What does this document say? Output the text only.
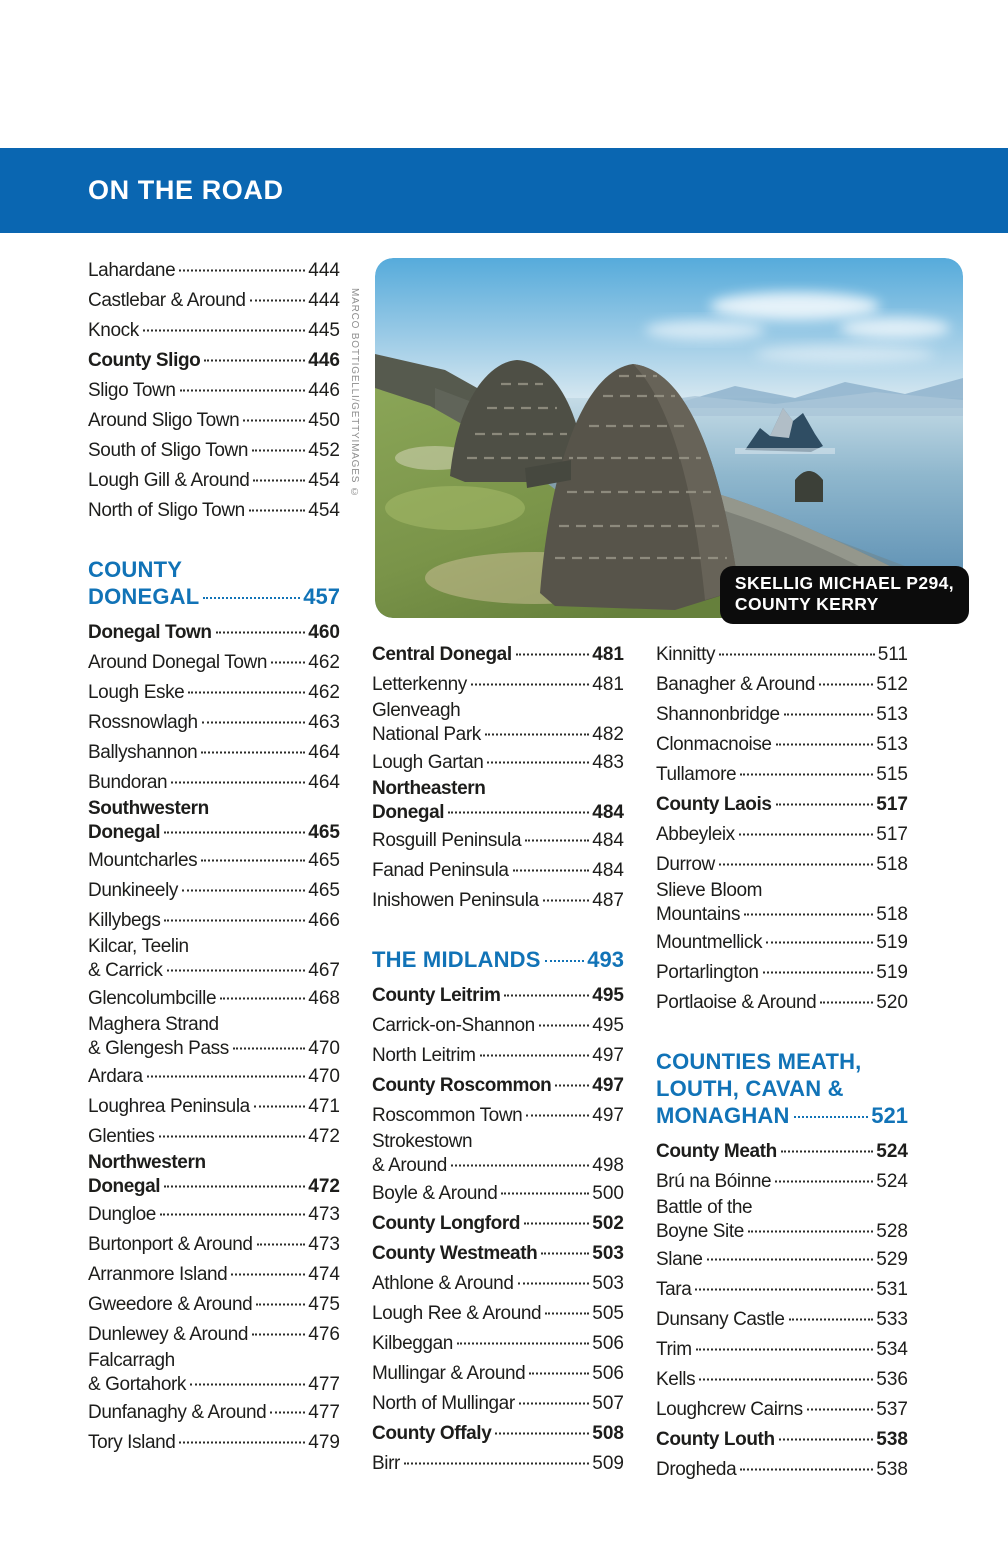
ON THE ROAD
MARCO BOTTIGELLI/GETTYIMAGES ©
SKELLIG MICHAEL P294,
COUNTY KERRY
Lahardane	444
Castlebar & Around	444
Knock	445
County Sligo	446
Sligo Town	446
Around Sligo Town	450
South of Sligo Town	452
Lough Gill & Around	454
North of Sligo Town	454
COUNTY
DONEGAL	457
Donegal Town	460
Around Donegal Town 462
Lough Eske	462
Rossnowlagh	463
Ballyshannon	464
Bundoran	464
Southwestern
Donegal	465
Mountcharles	465
Dunkineely	465
Killybegs	466
Kilcar, Teelin
& Carrick	467
Glencolumbcille	468
Maghera Strand
& Glengesh Pass	470
Ardara	470
Loughrea Peninsula	471
Glenties	472
Northwestern
Donegal	472
Dungloe	473
Burtonport & Around	473
Arranmore Island	474
Gweedore & Around	475
Dunlewey & Around	476
Falcarragh
& Gortahork	477
Dunfanaghy & Around 477
Tory Island	479
Central Donegal	481
Letterkenny	481
Glenveagh
National Park	482
Lough Gartan	483
Northeastern
Donegal	484
Rosguill Peninsula	484
Fanad Peninsula	484
Inishowen Peninsula	487
THE MIDLANDS 493
County Leitrim	495
Carrick-on-Shannon	495
North Leitrim	497
County Roscommon 497
Roscommon Town	497
Strokestown
& Around	498
Boyle & Around	500
County Longford	502
County Westmeath	503
Athlone & Around	503
Lough Ree & Around	505
Kilbeggan	506
Mullingar & Around	506
North of Mullingar	507
County Offaly	508
Birr	509
Kinnitty	511
Banagher & Around	512
Shannonbridge	513
Clonmacnoise	513
Tullamore	515
County Laois	517
Abbeyleix	517
Durrow	518
Slieve Bloom
Mountains	518
Mountmellick	519
Portarlington	519
Portlaoise & Around	520
COUNTIES MEATH,
LOUTH, CAVAN &
MONAGHAN	521
County Meath	524
Brú na Bóinne	524
Battle of the
Boyne Site	528
Slane	529
Tara	531
Dunsany Castle	533
Trim	534
Kells	536
Loughcrew Cairns	537
County Louth	538
Drogheda	538
